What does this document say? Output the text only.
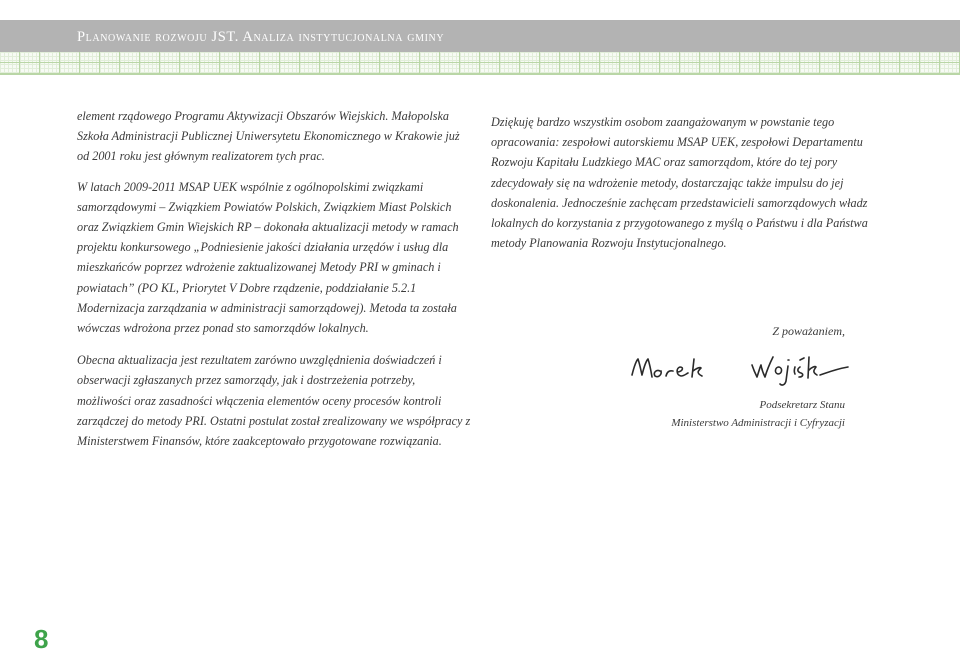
Planowanie rozwoju JST. Analiza instytucjonalna gminy

element rządowego Programu Aktywizacji Obszarów Wiejskich. Małopolska Szkoła Administracji Publicznej Uniwersytetu Ekonomicznego w Krakowie już od 2001 roku jest głównym realizatorem tych prac.

W latach 2009-2011 MSAP UEK wspólnie z ogólnopolskimi związkami samorządowymi – Związkiem Powiatów Polskich, Związkiem Miast Polskich oraz Związkiem Gmin Wiejskich RP – dokonała aktualizacji metody w ramach projektu konkursowego „Podniesienie jakości działania urzędów i usług dla mieszkańców poprzez wdrożenie zaktualizowanej Metody PRI w gminach i powiatach” (PO KL, Priorytet V Dobre rządzenie, poddziałanie 5.2.1 Modernizacja zarządzania w administracji samorządowej). Metoda ta została wówczas wdrożona przez ponad sto samorządów lokalnych.

Obecna aktualizacja jest rezultatem zarówno uwzględnienia doświadczeń i obserwacji zgłaszanych przez samorządy, jak i dostrzeżenia potrzeby, możliwości oraz zasadności włączenia elementów oceny procesów kontroli zarządczej do metody PRI. Ostatni postulat został zrealizowany we współpracy z Ministerstwem Finansów, które zaakceptowało przygotowane rozwiązania.

Dziękuję bardzo wszystkim osobom zaangażowanym w powstanie tego opracowania: zespołowi autorskiemu MSAP UEK, zespołowi Departamentu Rozwoju Kapitału Ludzkiego MAC oraz samorządom, które do tej pory zdecydowały się na wdrożenie metody, dostarczając także impulsu do jej doskonalenia. Jednocześnie zachęcam przedstawicieli samorządowych władz lokalnych do korzystania z przygotowanego z myślą o Państwu i dla Państwa metody Planowania Rozwoju Instytucjonalnego.

Z poważaniem,
Podsekretarz Stanu
Ministerstwo Administracji i Cyfryzacji
8
